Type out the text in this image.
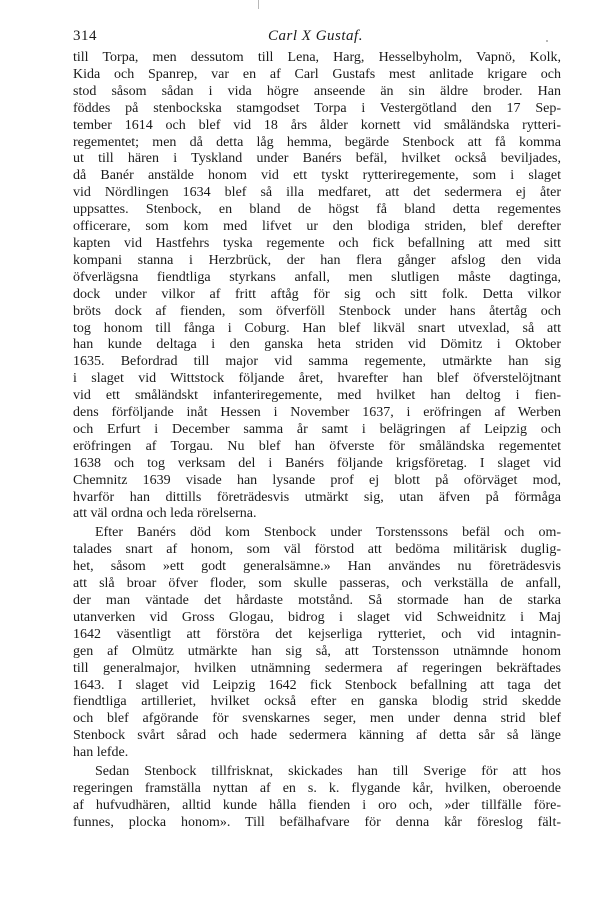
314	Carl X Gustaf.
till Torpa, men dessutom till Lena, Harg, Hesselbyholm, Vapnö, Kolk,
Kida och Spanrep, var en af Carl Gustafs mest anlitade krigare och
stod såsom sådan i vida högre anseende än sin äldre broder. Han
föddes på stenbockska stamgodset Torpa i Vestergötland den 17 Sep-
tember 1614 och blef vid 18 års ålder kornett vid småländska rytteri-
regementet; men då detta låg hemma, begärde Stenbock att få komma
ut till hären i Tyskland under Banérs befäl, hvilket också beviljades,
då Banér anstälde honom vid ett tyskt rytteriregemente, som i slaget
vid Nördlingen 1634 blef så illa medfaret, att det sedermera ej åter
uppsattes. Stenbock, en bland de högst få bland detta regementes
officerare, som kom med lifvet ur den blodiga striden, blef derefter
kapten vid Hastfehrs tyska regemente och fick befallning att med sitt
kompani stanna i Herzbrück, der han flera gånger afslog den vida
öfverlägsna fiendtliga styrkans anfall, men slutligen måste dagtinga,
dock under vilkor af fritt aftåg för sig och sitt folk. Detta vilkor
bröts dock af fienden, som öfverföll Stenbock under hans återtåg och
tog honom till fånga i Coburg. Han blef likväl snart utvexlad, så att
han kunde deltaga i den ganska heta striden vid Dömitz i Oktober
1635. Befordrad till major vid samma regemente, utmärkte han sig
i slaget vid Wittstock följande året, hvarefter han blef öfverstelöjtnant
vid ett småländskt infanteriregemente, med hvilket han deltog i fien-
dens förföljande inåt Hessen i November 1637, i eröfringen af Werben
och Erfurt i December samma år samt i belägringen af Leipzig och
eröfringen af Torgau. Nu blef han öfverste för småländska regementet
1638 och tog verksam del i Banérs följande krigsföretag. I slaget vid
Chemnitz 1639 visade han lysande prof ej blott på oförväget mod,
hvarför han dittills företrädesvis utmärkt sig, utan äfven på förmåga
att väl ordna och leda rörelserna.
Efter Banérs död kom Stenbock under Torstenssons befäl och om-
talades snart af honom, som väl förstod att bedöma militärisk duglig-
het, såsom »ett godt generalsämne.» Han användes nu företrädesvis
att slå broar öfver floder, som skulle passeras, och verkställa de anfall,
der man väntade det hårdaste motstånd. Så stormade han de starka
utanverken vid Gross Glogau, bidrog i slaget vid Schweidnitz i Maj
1642 väsentligt att förstöra det kejserliga rytteriet, och vid intagnin-
gen af Olmütz utmärkte han sig så, att Torstensson utnämnde honom
till generalmajor, hvilken utnämning sedermera af regeringen bekräftades
1643. I slaget vid Leipzig 1642 fick Stenbock befallning att taga det
fiendtliga artilleriet, hvilket också efter en ganska blodig strid skedde
och blef afgörande för svenskarnes seger, men under denna strid blef
Stenbock svårt sårad och hade sedermera känning af detta sår så länge
han lefde.
Sedan Stenbock tillfrisknat, skickades han till Sverige för att hos
regeringen framställa nyttan af en s. k. flygande kår, hvilken, oberoende
af hufvudhären, alltid kunde hålla fienden i oro och, »der tillfälle före-
funnes, plocka honom». Till befälhafvare för denna kår föreslog fält-
